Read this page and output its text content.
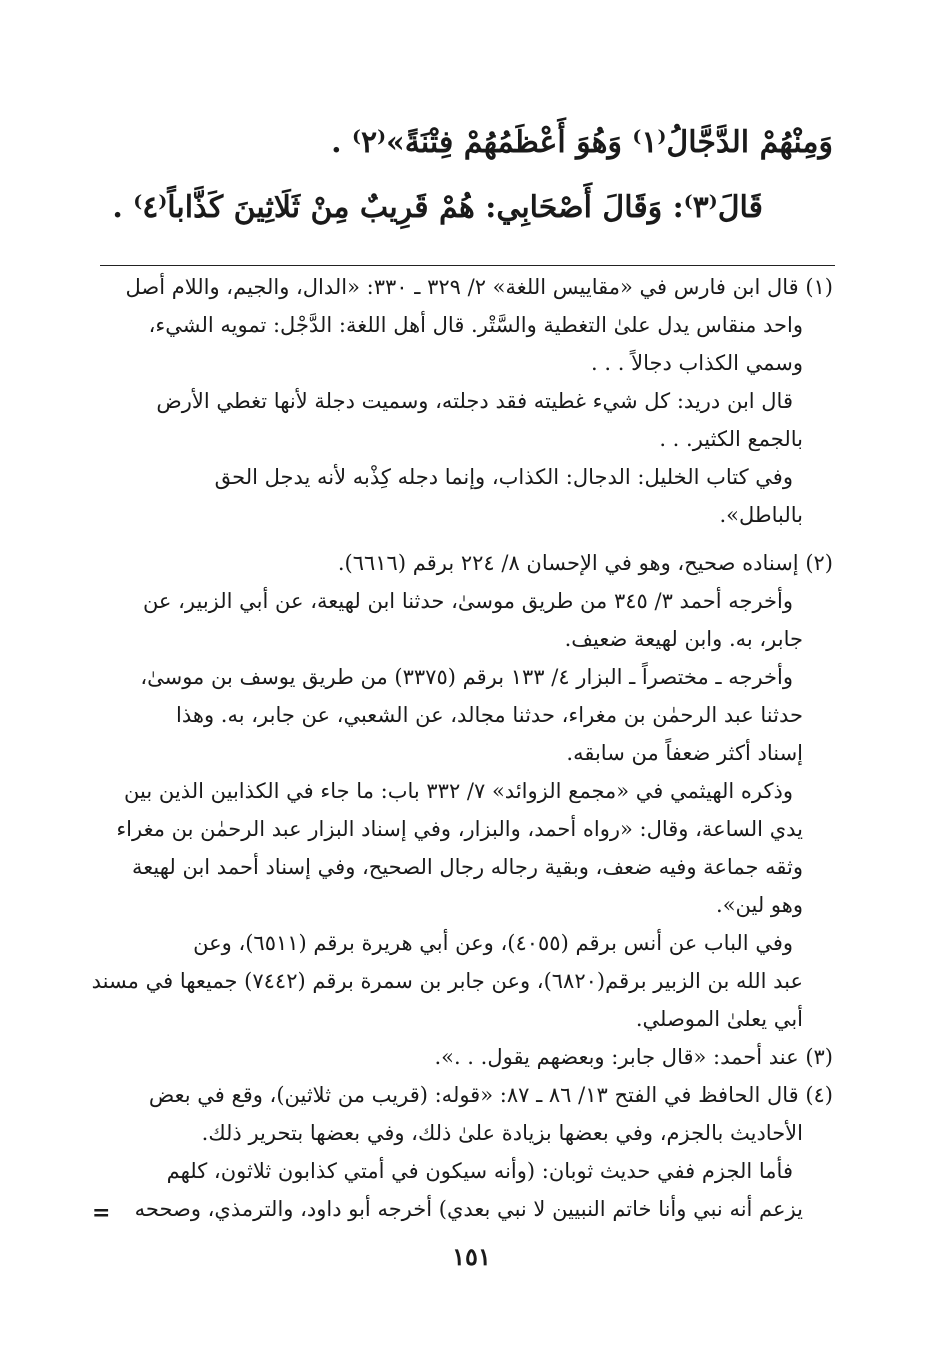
وَمِنْهُمْ الدَّجَّالُ⁽١⁾ وَهُوَ أَعْظَمُهُمْ فِتْنَةً»⁽٢⁾ .
قَالَ⁽٣⁾: وَقَالَ أَصْحَابِي: هُمْ قَرِيبٌ مِنْ ثَلَاثِينَ كَذَّاباً⁽٤⁾ .
(١) قال ابن فارس في «مقاييس اللغة» ٢/ ٣٢٩ ـ ٣٣٠: «الدال، والجيم، واللام أصل
واحد منقاس يدل علىٰ التغطية والسَّتْر. قال أهل اللغة: الدَّجْل: تمويه الشيء،
وسمي الكذاب دجالاً . . .
قال ابن دريد: كل شيء غطيته فقد دجلته، وسميت دجلة لأنها تغطي الأرض
بالجمع الكثير. . .
وفي كتاب الخليل: الدجال: الكذاب، وإنما دجله كِذْبه لأنه يدجل الحق
بالباطل».
(٢) إسناده صحيح، وهو في الإحسان ٨/ ٢٢٤ برقم (٦٦١٦).
وأخرجه أحمد ٣/ ٣٤٥ من طريق موسىٰ، حدثنا ابن لهيعة، عن أبي الزبير، عن
جابر، به. وابن لهيعة ضعيف.
وأخرجه ـ مختصراً ـ البزار ٤/ ١٣٣ برقم (٣٣٧٥) من طريق يوسف بن موسىٰ،
حدثنا عبد الرحمٰن بن مغراء، حدثنا مجالد، عن الشعبي، عن جابر، به. وهذا
إسناد أكثر ضعفاً من سابقه.
وذكره الهيثمي في «مجمع الزوائد» ٧/ ٣٣٢ باب: ما جاء في الكذابين الذين بين
يدي الساعة، وقال: «رواه أحمد، والبزار، وفي إسناد البزار عبد الرحمٰن بن مغراء
وثقه جماعة وفيه ضعف، وبقية رجاله رجال الصحيح، وفي إسناد أحمد ابن لهيعة
وهو لين».
وفي الباب عن أنس برقم (٤٠٥٥)، وعن أبي هريرة برقم (٦٥١١)، وعن
عبد الله بن الزبير برقم(٦٨٢٠)، وعن جابر بن سمرة برقم (٧٤٤٢) جميعها في مسند
أبي يعلىٰ الموصلي.
(٣) عند أحمد: «قال جابر: وبعضهم يقول. . .».
(٤) قال الحافظ في الفتح ١٣/ ٨٦ ـ ٨٧: «قوله: (قريب من ثلاثين)، وقع في بعض
الأحاديث بالجزم، وفي بعضها بزيادة علىٰ ذلك، وفي بعضها بتحرير ذلك.
فأما الجزم ففي حديث ثوبان: (وأنه سيكون في أمتي كذابون ثلاثون، كلهم
يزعم أنه نبي وأنا خاتم النبيين لا نبي بعدي) أخرجه أبو داود، والترمذي، وصححه
=
١٥١
